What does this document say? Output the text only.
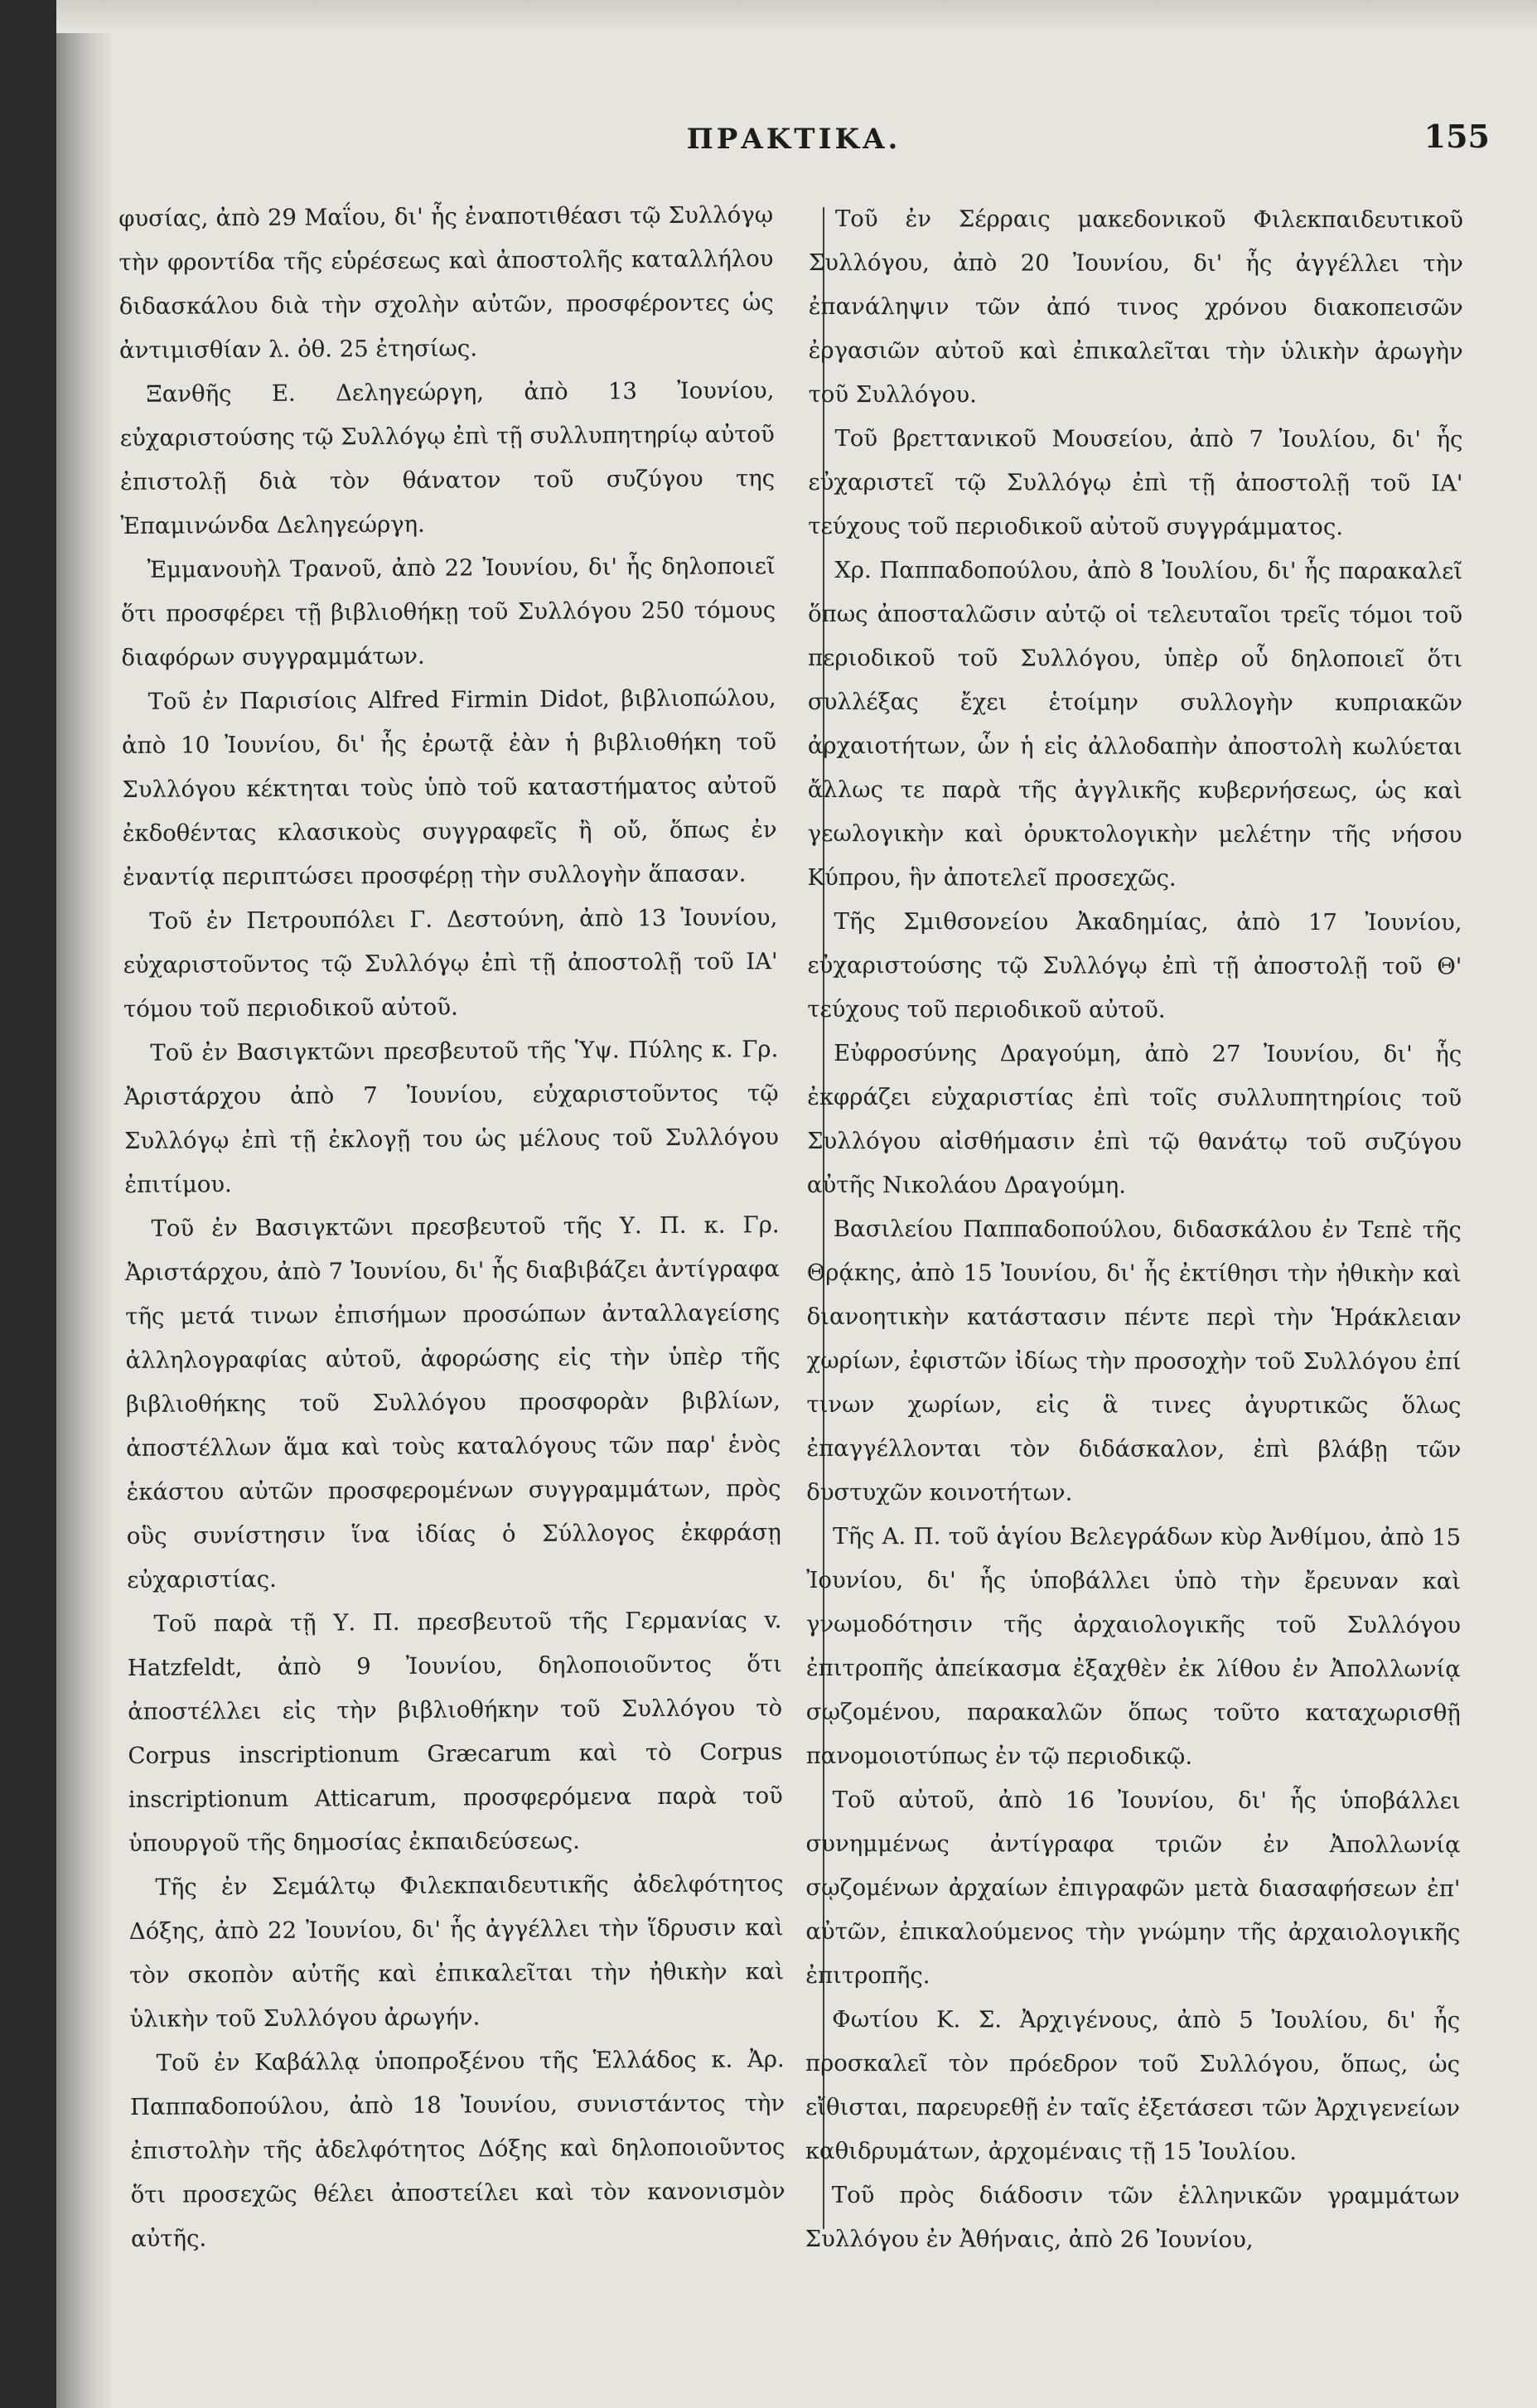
ΠΡΑΚΤΙΚΑ.	155

φυσίας, ἀπὸ 29 Μαΐου, δι' ἧς ἐναποτιθέασι τῷ Συλλόγῳ τὴν φροντίδα τῆς εὑρέσεως καὶ ἀποστολῆς καταλλήλου διδασκάλου διὰ τὴν σχολὴν αὐτῶν, προσφέροντες ὡς ἀντιμισθίαν λ. ὀθ. 25 ἐτησίως.

Ξανθῆς Ε. Δεληγεώργη, ἀπὸ 13 Ἰουνίου, εὐχαριστούσης τῷ Συλλόγῳ ἐπὶ τῇ συλλυπητηρίῳ αὐτοῦ ἐπιστολῇ διὰ τὸν θάνατον τοῦ συζύγου της Ἐπαμινώνδα Δεληγεώργη.

Ἐμμανουὴλ Τρανοῦ, ἀπὸ 22 Ἰουνίου, δι' ἧς δηλοποιεῖ ὅτι προσφέρει τῇ βιβλιοθήκῃ τοῦ Συλλόγου 250 τόμους διαφόρων συγγραμμάτων.

Τοῦ ἐν Παρισίοις Alfred Firmin Didot, βιβλιοπώλου, ἀπὸ 10 Ἰουνίου, δι' ἧς ἐρωτᾷ ἐὰν ἡ βιβλιοθήκη τοῦ Συλλόγου κέκτηται τοὺς ὑπὸ τοῦ καταστήματος αὐτοῦ ἐκδοθέντας κλασικοὺς συγγραφεῖς ἢ οὔ, ὅπως ἐν ἐναντίᾳ περιπτώσει προσφέρῃ τὴν συλλογὴν ἅπασαν.

Τοῦ ἐν Πετρουπόλει Γ. Δεστούνη, ἀπὸ 13 Ἰουνίου, εὐχαριστοῦντος τῷ Συλλόγῳ ἐπὶ τῇ ἀποστολῇ τοῦ ΙΑ' τόμου τοῦ περιοδικοῦ αὐτοῦ.

Τοῦ ἐν Βασιγκτῶνι πρεσβευτοῦ τῆς Ὑψ. Πύλης κ. Γρ. Ἀριστάρχου ἀπὸ 7 Ἰουνίου, εὐχαριστοῦντος τῷ Συλλόγῳ ἐπὶ τῇ ἐκλογῇ του ὡς μέλους τοῦ Συλλόγου ἐπιτίμου.

Τοῦ ἐν Βασιγκτῶνι πρεσβευτοῦ τῆς Υ. Π. κ. Γρ. Ἀριστάρχου, ἀπὸ 7 Ἰουνίου, δι' ἧς διαβιβάζει ἀντίγραφα τῆς μετά τινων ἐπισήμων προσώπων ἀνταλλαγείσης ἀλληλογραφίας αὐτοῦ, ἀφορώσης εἰς τὴν ὑπὲρ τῆς βιβλιοθήκης τοῦ Συλλόγου προσφορὰν βιβλίων, ἀποστέλλων ἅμα καὶ τοὺς καταλόγους τῶν παρ' ἑνὸς ἑκάστου αὐτῶν προσφερομένων συγγραμμάτων, πρὸς οὓς συνίστησιν ἵνα ἰδίας ὁ Σύλλογος ἐκφράσῃ εὐχαριστίας.

Τοῦ παρὰ τῇ Υ. Π. πρεσβευτοῦ τῆς Γερμανίας v. Hatzfeldt, ἀπὸ 9 Ἰουνίου, δηλοποιοῦντος ὅτι ἀποστέλλει εἰς τὴν βιβλιοθήκην τοῦ Συλλόγου τὸ Corpus inscriptionum Græcarum καὶ τὸ Corpus inscriptionum Atticarum, προσφερόμενα παρὰ τοῦ ὑπουργοῦ τῆς δημοσίας ἐκπαιδεύσεως.

Τῆς ἐν Σεμάλτῳ Φιλεκπαιδευτικῆς ἀδελφότητος Δόξης, ἀπὸ 22 Ἰουνίου, δι' ἧς ἀγγέλλει τὴν ἵδρυσιν καὶ τὸν σκοπὸν αὐτῆς καὶ ἐπικαλεῖται τὴν ἠθικὴν καὶ ὑλικὴν τοῦ Συλλόγου ἀρωγήν.

Τοῦ ἐν Καβάλλᾳ ὑποπροξένου τῆς Ἑλλάδος κ. Ἀρ. Παππαδοπούλου, ἀπὸ 18 Ἰουνίου, συνιστάντος τὴν ἐπιστολὴν τῆς ἀδελφότητος Δόξης καὶ δηλοποιοῦντος ὅτι προσεχῶς θέλει ἀποστείλει καὶ τὸν κανονισμὸν αὐτῆς.

Τοῦ ἐν Σέρραις μακεδονικοῦ Φιλεκπαιδευτικοῦ Συλλόγου, ἀπὸ 20 Ἰουνίου, δι' ἧς ἀγγέλλει τὴν ἐπανάληψιν τῶν ἀπό τινος χρόνου διακοπεισῶν ἐργασιῶν αὐτοῦ καὶ ἐπικαλεῖται τὴν ὑλικὴν ἀρωγὴν τοῦ Συλλόγου.

Τοῦ βρεττανικοῦ Μουσείου, ἀπὸ 7 Ἰουλίου, δι' ἧς εὐχαριστεῖ τῷ Συλλόγῳ ἐπὶ τῇ ἀποστολῇ τοῦ ΙΑ' τεύχους τοῦ περιοδικοῦ αὐτοῦ συγγράμματος.

Χρ. Παππαδοπούλου, ἀπὸ 8 Ἰουλίου, δι' ἧς παρακαλεῖ ὅπως ἀποσταλῶσιν αὐτῷ οἱ τελευταῖοι τρεῖς τόμοι τοῦ περιοδικοῦ τοῦ Συλλόγου, ὑπὲρ οὗ δηλοποιεῖ ὅτι συλλέξας ἔχει ἑτοίμην συλλογὴν κυπριακῶν ἀρχαιοτήτων, ὧν ἡ εἰς ἀλλοδαπὴν ἀποστολὴ κωλύεται ἄλλως τε παρὰ τῆς ἀγγλικῆς κυβερνήσεως, ὡς καὶ γεωλογικὴν καὶ ὀρυκτολογικὴν μελέτην τῆς νήσου Κύπρου, ἣν ἀποτελεῖ προσεχῶς.

Τῆς Σμιθσονείου Ἀκαδημίας, ἀπὸ 17 Ἰουνίου, εὐχαριστούσης τῷ Συλλόγῳ ἐπὶ τῇ ἀποστολῇ τοῦ Θ' τεύχους τοῦ περιοδικοῦ αὐτοῦ.

Εὐφροσύνης Δραγούμη, ἀπὸ 27 Ἰουνίου, δι' ἧς ἐκφράζει εὐχαριστίας ἐπὶ τοῖς συλλυπητηρίοις τοῦ Συλλόγου αἰσθήμασιν ἐπὶ τῷ θανάτῳ τοῦ συζύγου αὐτῆς Νικολάου Δραγούμη.

Βασιλείου Παππαδοπούλου, διδασκάλου ἐν Τεπὲ τῆς Θρᾴκης, ἀπὸ 15 Ἰουνίου, δι' ἧς ἐκτίθησι τὴν ἠθικὴν καὶ διανοητικὴν κατάστασιν πέντε περὶ τὴν Ἡράκλειαν χωρίων, ἐφιστῶν ἰδίως τὴν προσοχὴν τοῦ Συλλόγου ἐπί τινων χωρίων, εἰς ἃ τινες ἀγυρτικῶς ὅλως ἐπαγγέλλονται τὸν διδάσκαλον, ἐπὶ βλάβῃ τῶν δυστυχῶν κοινοτήτων.

Τῆς Α. Π. τοῦ ἁγίου Βελεγράδων κὺρ Ἀνθίμου, ἀπὸ 15 Ἰουνίου, δι' ἧς ὑποβάλλει ὑπὸ τὴν ἔρευναν καὶ γνωμοδότησιν τῆς ἀρχαιολογικῆς τοῦ Συλλόγου ἐπιτροπῆς ἀπείκασμα ἐξαχθὲν ἐκ λίθου ἐν Ἀπολλωνίᾳ σῳζομένου, παρακαλῶν ὅπως τοῦτο καταχωρισθῇ πανομοιοτύπως ἐν τῷ περιοδικῷ.

Τοῦ αὐτοῦ, ἀπὸ 16 Ἰουνίου, δι' ἧς ὑποβάλλει συνημμένως ἀντίγραφα τριῶν ἐν Ἀπολλωνίᾳ σῳζομένων ἀρχαίων ἐπιγραφῶν μετὰ διασαφήσεων ἐπ' αὐτῶν, ἐπικαλούμενος τὴν γνώμην τῆς ἀρχαιολογικῆς ἐπιτροπῆς.

Φωτίου Κ. Σ. Ἀρχιγένους, ἀπὸ 5 Ἰουλίου, δι' ἧς προσκαλεῖ τὸν πρόεδρον τοῦ Συλλόγου, ὅπως, ὡς εἴθισται, παρευρεθῇ ἐν ταῖς ἐξετάσεσι τῶν Ἀρχιγενείων καθιδρυμάτων, ἀρχομέναις τῇ 15 Ἰουλίου.

Τοῦ πρὸς διάδοσιν τῶν ἑλληνικῶν γραμμάτων Συλλόγου ἐν Ἀθήναις, ἀπὸ 26 Ἰουνίου,
